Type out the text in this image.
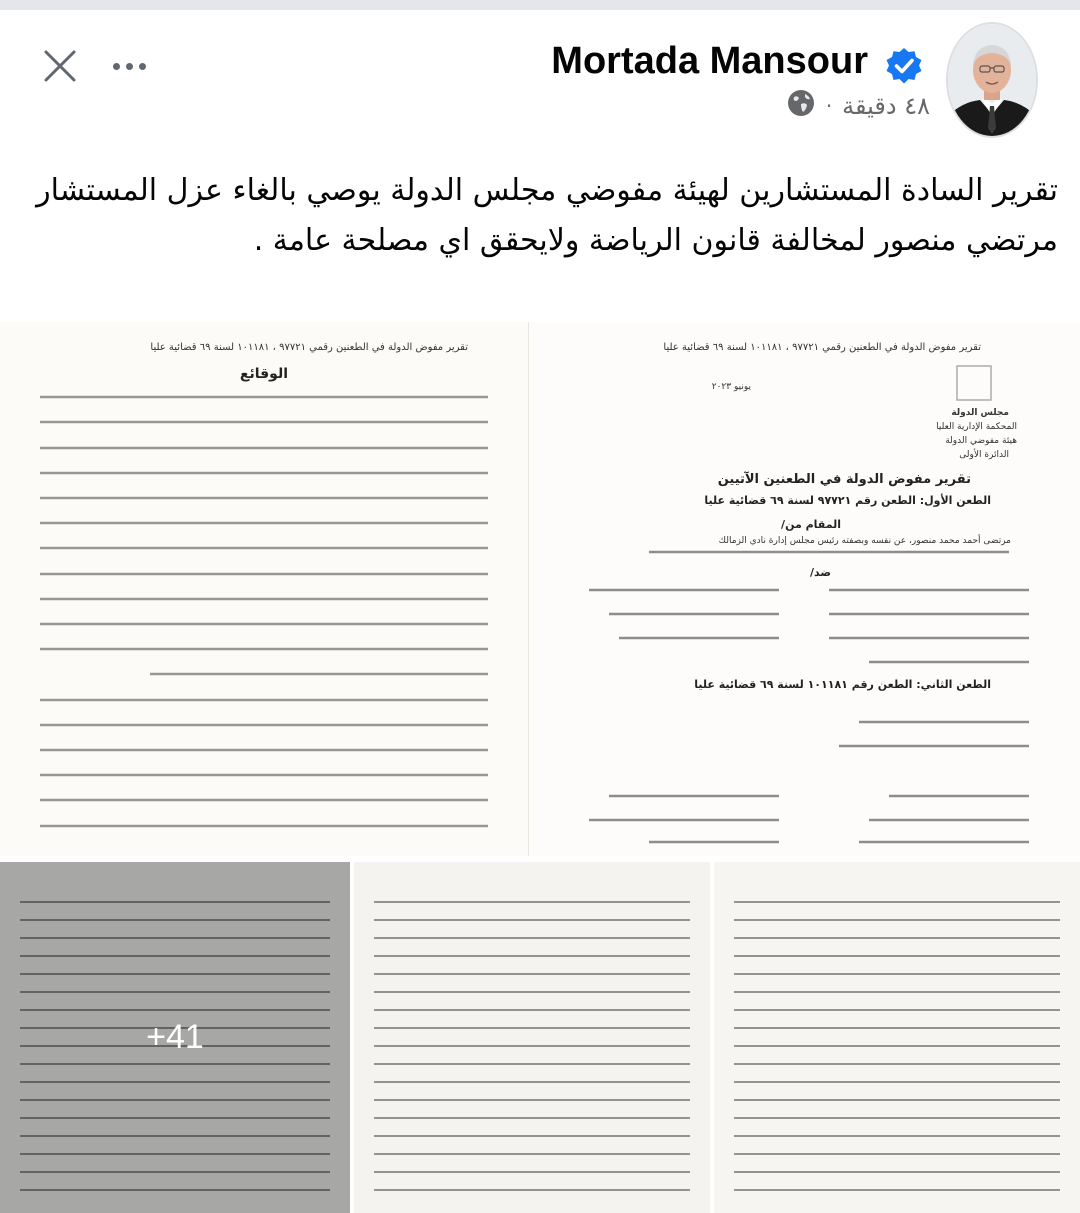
Mortada Mansour
٤٨ دقيقة
·
تقرير السادة المستشارين لهيئة مفوضي مجلس الدولة يوصي بالغاء عزل المستشار مرتضي منصور لمخالفة قانون الرياضة ولايحقق اي مصلحة عامة .
تقرير مفوض الدولة في الطعنين رقمي ٩٧٧٢١ ، ١٠١١٨١ لسنة ٦٩ قضائية عليا
الوقائع
تقرير مفوض الدولة في الطعنين رقمي ٩٧٧٢١ ، ١٠١١٨١ لسنة ٦٩ قضائية عليا
مجلس الدولة
المحكمة الإدارية العليا
هيئة مفوضي الدولة
الدائرة الأولى
يونيو ٢٠٢٣
تقرير مفوض الدولة في الطعنين الآتيين
الطعن الأول: الطعن رقم ٩٧٧٢١ لسنة ٦٩ قضائية عليا
المقام من/
مرتضى أحمد محمد منصور، عن نفسه وبصفته رئيس مجلس إدارة نادي الزمالك
ضد/
الطعن الثاني: الطعن رقم ١٠١١٨١ لسنة ٦٩ قضائية عليا
+41
